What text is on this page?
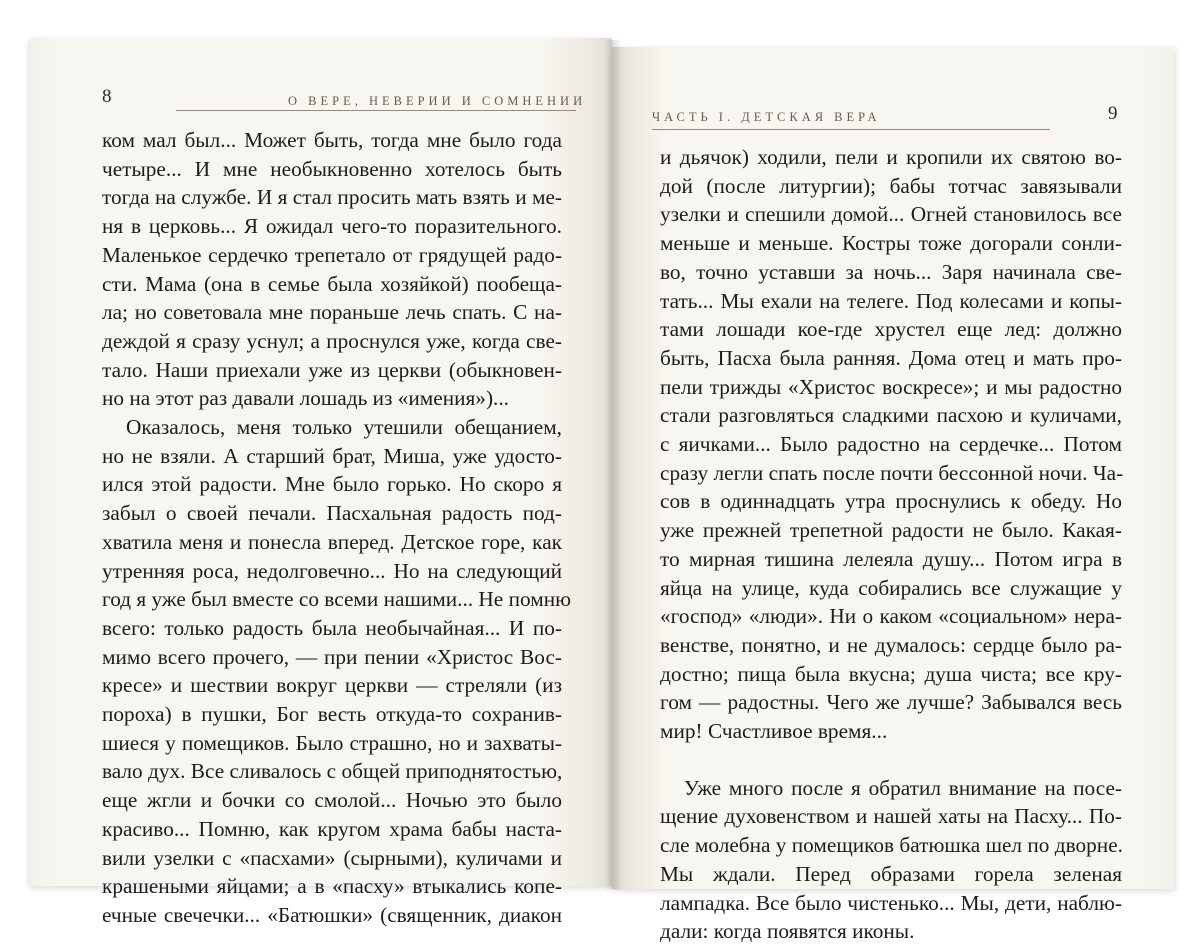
8	О ВЕРЕ, НЕВЕРИИ И СОМНЕНИИ
ком мал был... Может быть, тогда мне было года
четыре... И мне необыкновенно хотелось быть
тогда на службе. И я стал просить мать взять и ме-
ня в церковь... Я ожидал чего-то поразительного.
Маленькое сердечко трепетало от грядущей радо-
сти. Мама (она в семье была хозяйкой) пообеща-
ла; но советовала мне пораньше лечь спать. С на-
деждой я сразу уснул; а проснулся уже, когда све-
тало. Наши приехали уже из церкви (обыкновен-
но на этот раз давали лошадь из «имения»)...
Оказалось, меня только утешили обещанием,
но не взяли. А старший брат, Миша, уже удосто-
ился этой радости. Мне было горько. Но скоро я
забыл о своей печали. Пасхальная радость под-
хватила меня и понесла вперед. Детское горе, как
утренняя роса, недолговечно... Но на следующий
год я уже был вместе со всеми нашими... Не помню
всего: только радость была необычайная... И по-
мимо всего прочего, — при пении «Христос Вос-
кресе» и шествии вокруг церкви — стреляли (из
пороха) в пушки, Бог весть откуда-то сохранив-
шиеся у помещиков. Было страшно, но и захваты-
вало дух. Все сливалось с общей приподнятостью,
еще жгли и бочки со смолой... Ночью это было
красиво... Помню, как кругом храма бабы наста-
вили узелки с «пасхами» (сырными), куличами и
крашеными яйцами; а в «пасху» втыкались копе-
ечные свечечки... «Батюшки» (священник, диакон
ЧАСТЬ I. ДЕТСКАЯ ВЕРА	9
и дьячок) ходили, пели и кропили их святою во-
дой (после литургии); бабы тотчас завязывали
узелки и спешили домой... Огней становилось все
меньше и меньше. Костры тоже догорали сонли-
во, точно уставши за ночь... Заря начинала све-
тать... Мы ехали на телеге. Под колесами и копы-
тами лошади кое-где хрустел еще лед: должно
быть, Пасха была ранняя. Дома отец и мать про-
пели трижды «Христос воскресе»; и мы радостно
стали разговляться сладкими пасхою и куличами,
с яичками... Было радостно на сердечке... Потом
сразу легли спать после почти бессонной ночи. Ча-
сов в одиннадцать утра проснулись к обеду. Но
уже прежней трепетной радости не было. Какая-
то мирная тишина лелеяла душу... Потом игра в
яйца на улице, куда собирались все служащие у
«господ» «люди». Ни о каком «социальном» нера-
венстве, понятно, и не думалось: сердце было ра-
достно; пища была вкусна; душа чиста; все кру-
гом — радостны. Чего же лучше? Забывался весь
мир! Счастливое время...
Уже много после я обратил внимание на посе-
щение духовенством и нашей хаты на Пасху... По-
сле молебна у помещиков батюшка шел по дворне.
Мы ждали. Перед образами горела зеленая
лампадка. Все было чистенько... Мы, дети, наблю-
дали: когда появятся иконы.
